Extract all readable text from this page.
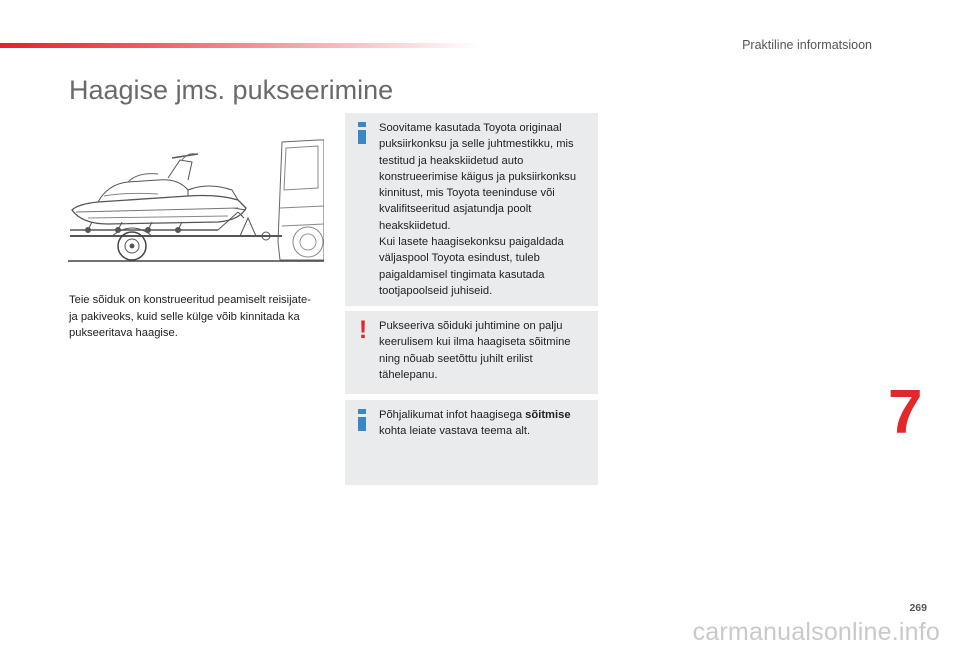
Praktiline informatsioon
Haagise jms. pukseerimine
Teie sõiduk on konstrueeritud peamiselt reisijate- ja pakiveoks, kuid selle külge võib kinnitada ka pukseeritava haagise.
Soovitame kasutada Toyota originaal puksiirkonksu ja selle juhtmestikku, mis testitud ja heakskiidetud auto konstrueerimise käigus ja puksiirkonksu kinnitust, mis Toyota teeninduse või kvalifitseeritud asjatundja poolt heakskiidetud.
Kui lasete haagisekonksu paigaldada väljaspool Toyota esindust, tuleb paigaldamisel tingimata kasutada tootjapoolseid juhiseid.
! Pukseeriva sõiduki juhtimine on palju keerulisem kui ilma haagiseta sõitmine ning nõuab seetõttu juhilt erilist tähelepanu.
Põhjalikumat infot haagisega sõitmise
kohta leiate vastava teema alt.	7
269
carmanualsonline.info
